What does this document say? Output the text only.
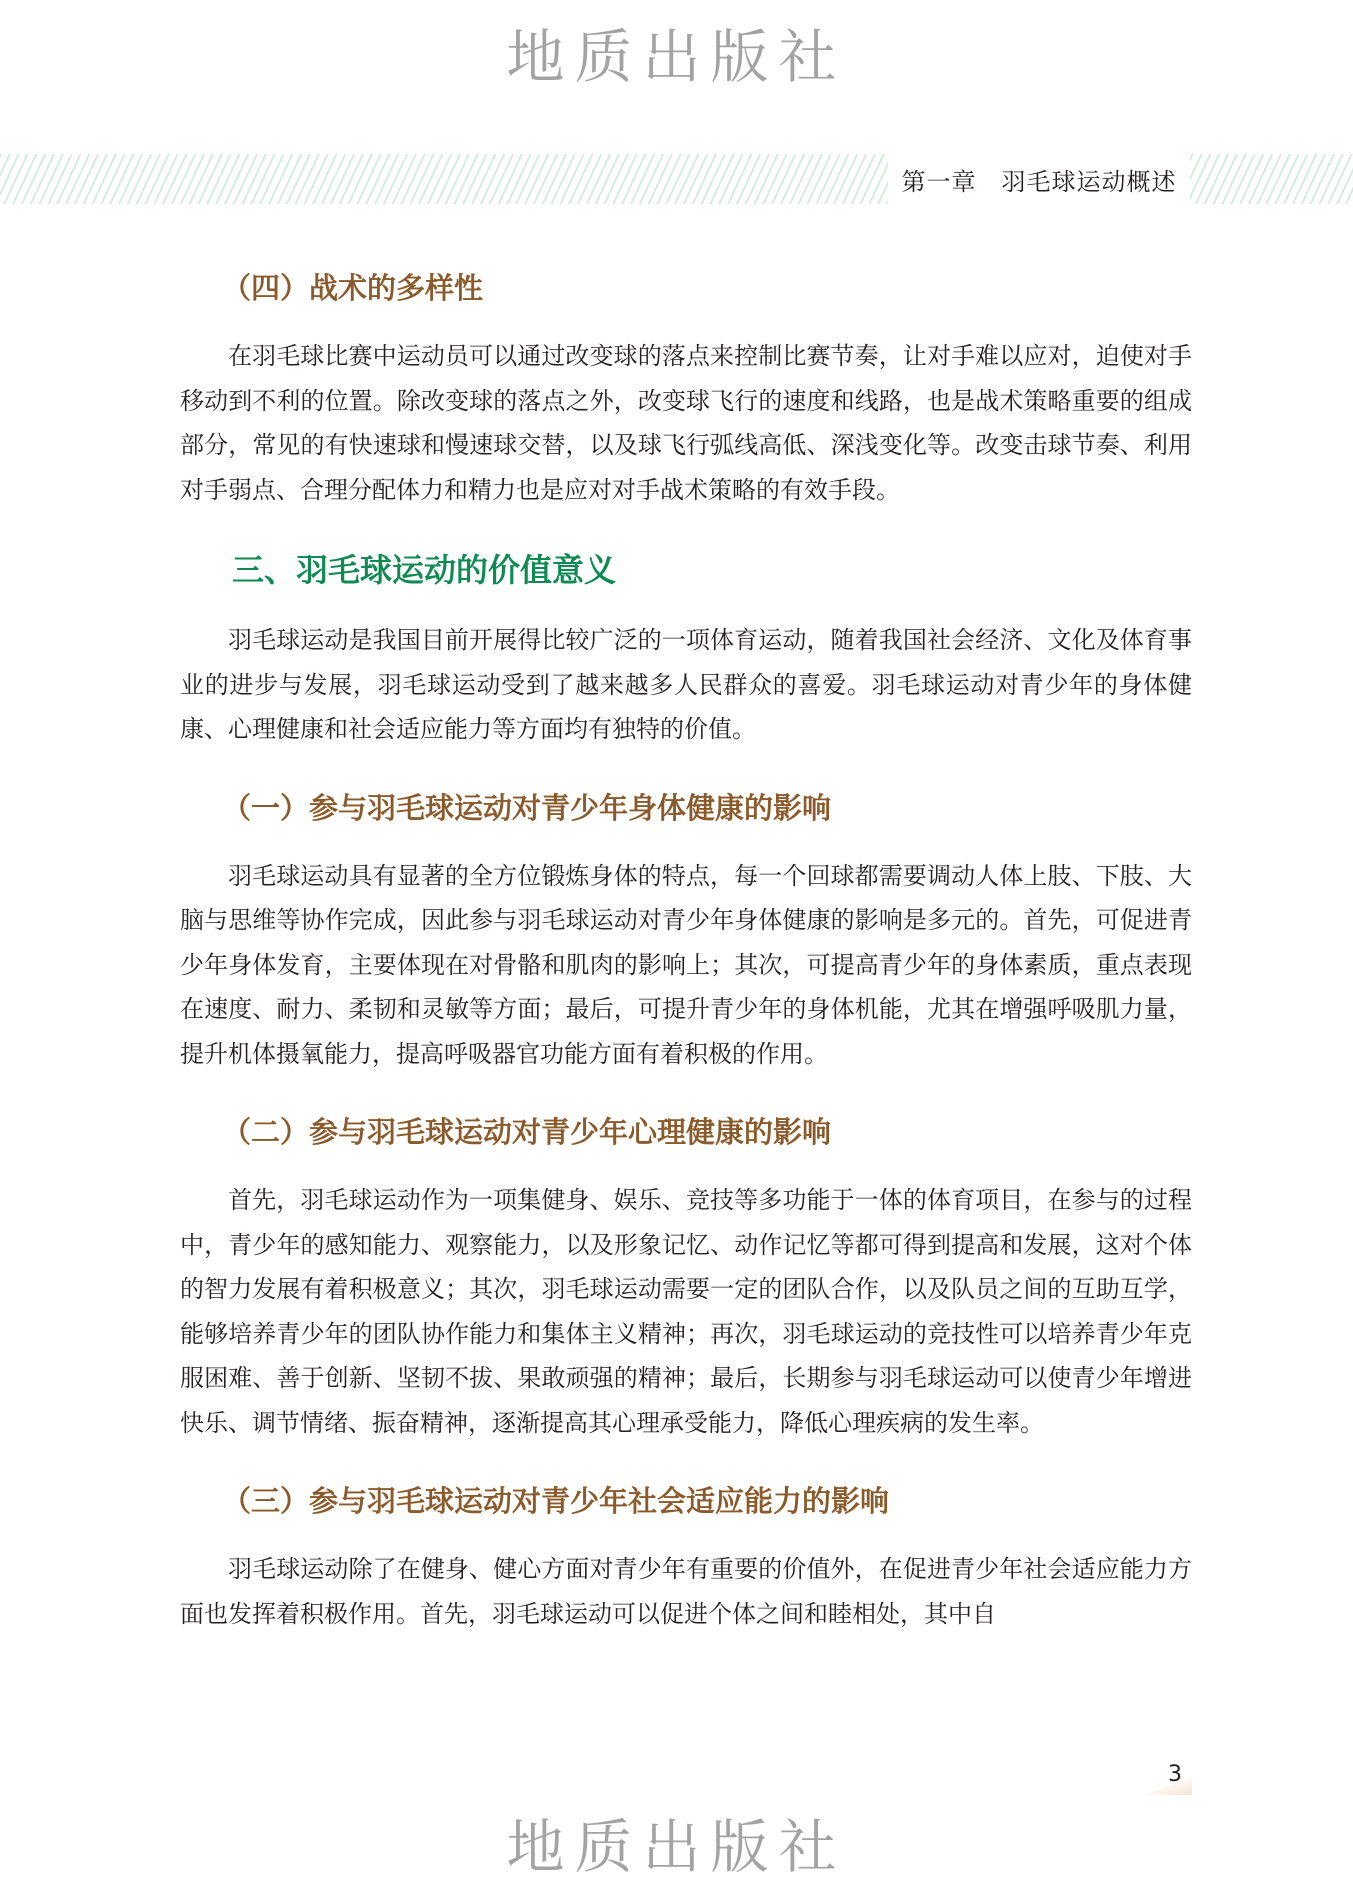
地质出版社
第一章　羽毛球运动概述
（四）战术的多样性

在羽毛球比赛中运动员可以通过改变球的落点来控制比赛节奏，让对手难以应对，迫使对手移动到不利的位置。除改变球的落点之外，改变球飞行的速度和线路，也是战术策略重要的组成部分，常见的有快速球和慢速球交替，以及球飞行弧线高低、深浅变化等。改变击球节奏、利用对手弱点、合理分配体力和精力也是应对对手战术策略的有效手段。

三、羽毛球运动的价值意义

羽毛球运动是我国目前开展得比较广泛的一项体育运动，随着我国社会经济、文化及体育事业的进步与发展，羽毛球运动受到了越来越多人民群众的喜爱。羽毛球运动对青少年的身体健康、心理健康和社会适应能力等方面均有独特的价值。

（一）参与羽毛球运动对青少年身体健康的影响

羽毛球运动具有显著的全方位锻炼身体的特点，每一个回球都需要调动人体上肢、下肢、大脑与思维等协作完成，因此参与羽毛球运动对青少年身体健康的影响是多元的。首先，可促进青少年身体发育，主要体现在对骨骼和肌肉的影响上；其次，可提高青少年的身体素质，重点表现在速度、耐力、柔韧和灵敏等方面；最后，可提升青少年的身体机能，尤其在增强呼吸肌力量，提升机体摄氧能力，提高呼吸器官功能方面有着积极的作用。

（二）参与羽毛球运动对青少年心理健康的影响

首先，羽毛球运动作为一项集健身、娱乐、竞技等多功能于一体的体育项目，在参与的过程中，青少年的感知能力、观察能力，以及形象记忆、动作记忆等都可得到提高和发展，这对个体的智力发展有着积极意义；其次，羽毛球运动需要一定的团队合作，以及队员之间的互助互学，能够培养青少年的团队协作能力和集体主义精神；再次，羽毛球运动的竞技性可以培养青少年克服困难、善于创新、坚韧不拔、果敢顽强的精神；最后，长期参与羽毛球运动可以使青少年增进快乐、调节情绪、振奋精神，逐渐提高其心理承受能力，降低心理疾病的发生率。

（三）参与羽毛球运动对青少年社会适应能力的影响

羽毛球运动除了在健身、健心方面对青少年有重要的价值外，在促进青少年社会适应能力方面也发挥着积极作用。首先，羽毛球运动可以促进个体之间和睦相处，其中自

3
地质出版社
